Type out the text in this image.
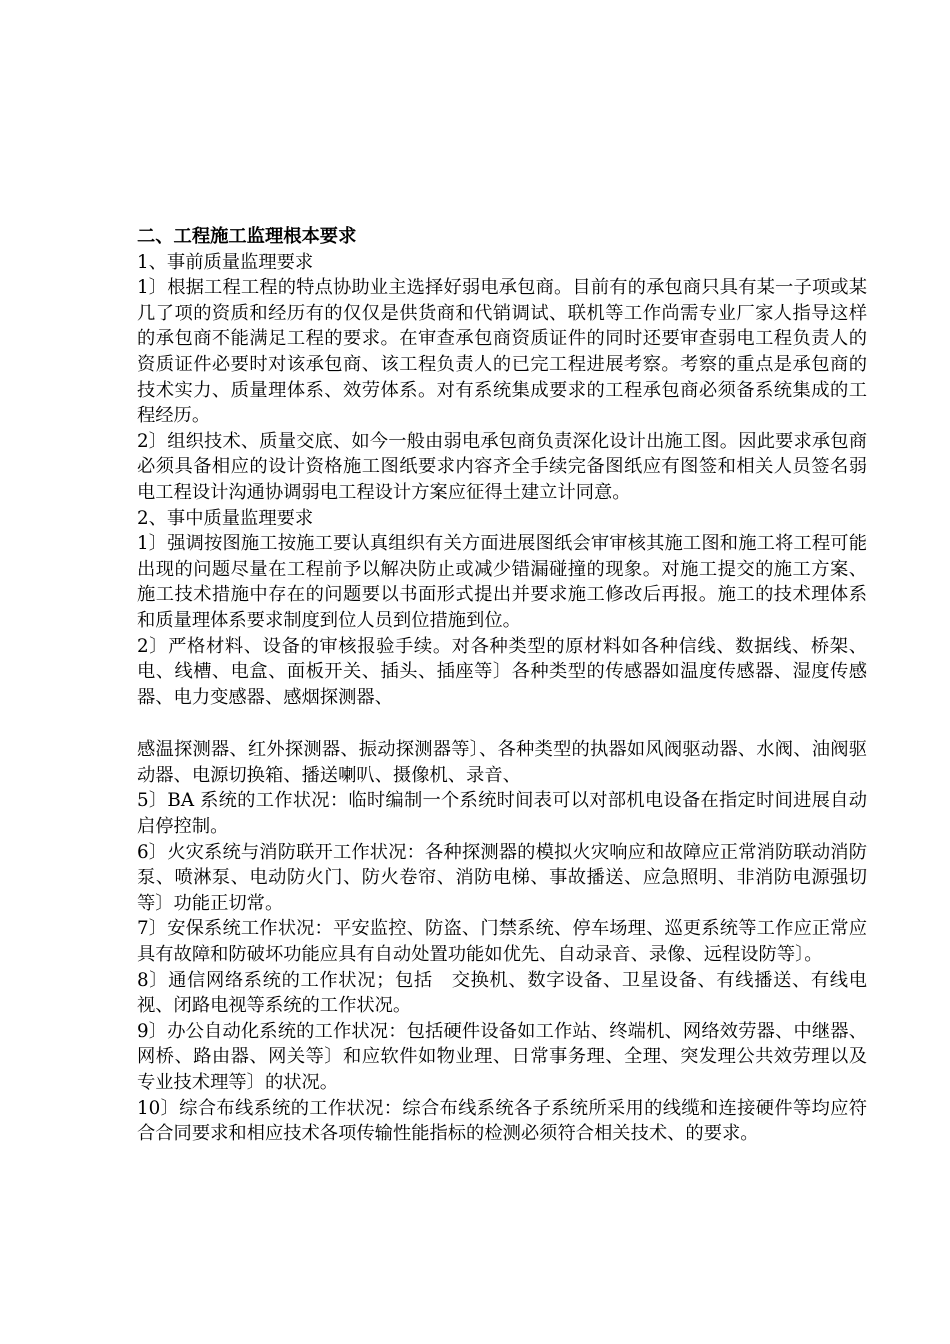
二、工程施工监理根本要求

1、事前质量监理要求

1〕根据工程工程的特点协助业主选择好弱电承包商。目前有的承包商只具有某一子项或某几了项的资质和经历有的仅仅是供货商和代销调试、联机等工作尚需专业厂家人指导这样的承包商不能满足工程的要求。在审查承包商资质证件的同时还要审查弱电工程负责人的资质证件必要时对该承包商、该工程负责人的已完工程进展考察。考察的重点是承包商的技术实力、质量理体系、效劳体系。对有系统集成要求的工程承包商必须备系统集成的工程经历。

2〕组织技术、质量交底、如今一般由弱电承包商负责深化设计出施工图。因此要求承包商必须具备相应的设计资格施工图纸要求内容齐全手续完备图纸应有图签和相关人员签名弱电工程设计沟通协调弱电工程设计方案应征得土建立计同意。

2、事中质量监理要求

1〕强调按图施工按施工要认真组织有关方面进展图纸会审审核其施工图和施工将工程可能出现的问题尽量在工程前予以解决防止或减少错漏碰撞的现象。对施工提交的施工方案、施工技术措施中存在的问题要以书面形式提出并要求施工修改后再报。施工的技术理体系和质量理体系要求制度到位人员到位措施到位。

2〕严格材料、设备的审核报验手续。对各种类型的原材料如各种信线、数据线、桥架、电、线槽、电盒、面板开关、插头、插座等〕各种类型的传感器如温度传感器、湿度传感器、电力变感器、感烟探测器、

感温探测器、红外探测器、振动探测器等〕、各种类型的执器如风阀驱动器、水阀、油阀驱动器、电源切换箱、播送喇叭、摄像机、录音、

5〕BA 系统的工作状况：临时编制一个系统时间表可以对部机电设备在指定时间进展自动启停控制。

6〕火灾系统与消防联开工作状况：各种探测器的模拟火灾响应和故障应正常消防联动消防泵、喷淋泵、电动防火门、防火卷帘、消防电梯、事故播送、应急照明、非消防电源强切等〕功能正切常。

7〕安保系统工作状况：平安监控、防盗、门禁系统、停车场理、巡更系统等工作应正常应具有故障和防破坏功能应具有自动处置功能如优先、自动录音、录像、远程设防等〕。

8〕通信网络系统的工作状况；包括　交换机、数字设备、卫星设备、有线播送、有线电视、闭路电视等系统的工作状况。

9〕办公自动化系统的工作状况：包括硬件设备如工作站、终端机、网络效劳器、中继器、网桥、路由器、网关等〕和应软件如物业理、日常事务理、全理、突发理公共效劳理以及专业技术理等〕的状况。

10〕综合布线系统的工作状况：综合布线系统各子系统所采用的线缆和连接硬件等均应符合合同要求和相应技术各项传输性能指标的检测必须符合相关技术、的要求。
